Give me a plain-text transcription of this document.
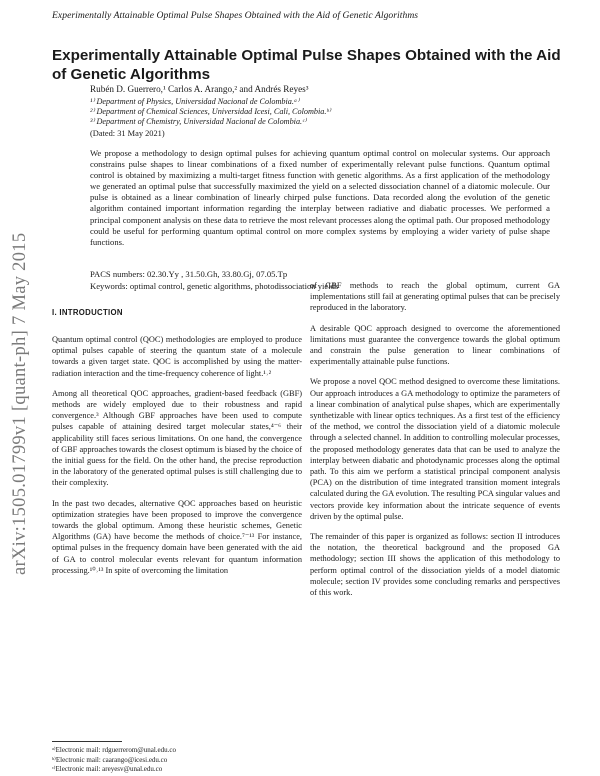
Experimentally Attainable Optimal Pulse Shapes Obtained with the Aid of Genetic Algorithms
Experimentally Attainable Optimal Pulse Shapes Obtained with the Aid of Genetic Algorithms
Rubén D. Guerrero,¹ Carlos A. Arango,² and Andrés Reyes³
¹⁾ Department of Physics, Universidad Nacional de Colombia.ᵃ⁾
²⁾ Department of Chemical Sciences, Universidad Icesi, Cali, Colombia.ᵇ⁾
³⁾ Department of Chemistry, Universidad Nacional de Colombia.ᶜ⁾
(Dated: 31 May 2021)
We propose a methodology to design optimal pulses for achieving quantum optimal control on molecular systems. Our approach constrains pulse shapes to linear combinations of a fixed number of experimentally relevant pulse functions. Quantum optimal control is obtained by maximizing a multi-target fitness function with genetic algorithms. As a first application of the methodology we generated an optimal pulse that successfully maximized the yield on a selected dissociation channel of a diatomic molecule. Our pulse is obtained as a linear combination of linearly chirped pulse functions. Data recorded along the evolution of the genetic algorithm contained important information regarding the interplay between radiative and diabatic processes. We performed a principal component analysis on these data to retrieve the most relevant processes along the optimal path. Our proposed methodology could be useful for performing quantum optimal control on more complex systems by employing a wider variety of pulse shape functions.
PACS numbers: 02.30.Yy , 31.50.Gh, 33.80.Gj, 07.05.Tp
Keywords: optimal control, genetic algorithms, photodissociation yields
arXiv:1505.01799v1 [quant-ph] 7 May 2015	I. INTRODUCTION

Quantum optimal control (QOC) methodologies are employed to produce optimal pulses capable of steering the quantum state of a molecule towards a given target state. QOC is accomplished by using the matter-radiation interaction and the time-frequency coherence of light.¹˒²

Among all theoretical QOC approaches, gradient-based feedback (GBF) methods are widely employed due to their robustness and rapid convergence.³ Although GBF approaches have been used to compute pulses capable of attaining desired target molecular states,⁴⁻⁶ their applicability still faces serious limitations. On one hand, the convergence of GBF approaches towards the closest optimum is biased by the choice of the initial guess for the field. On the other hand, the precise reproduction in the laboratory of the generated optimal pulses is still challenging due to their complexity.

In the past two decades, alternative QOC approaches based on heuristic optimization strategies have been proposed to improve the convergence towards the global optimum. Among these heuristic schemes, Genetic Algorithms (GA) have become the methods of choice.⁷⁻¹³ For instance, optimal pulses in the frequency domain have been generated with the aid of GA to control molecular events relevant for quantum information processing.¹⁰˒¹³ In spite of overcoming the limitation

of GBF methods to reach the global optimum, current GA implementations still fail at generating optimal pulses that can be precisely reproduced in the laboratory.

A desirable QOC approach designed to overcome the aforementioned limitations must guarantee the convergence towards the global optimum and constrain the pulse generation to linear combinations of experimentally attainable pulse functions.

We propose a novel QOC method designed to overcome these limitations. Our approach introduces a GA methodology to optimize the parameters of a linear combination of analytical pulse shapes, which are experimentally synthetizable with linear optics techniques. As a first test of the efficiency of the method, we control the dissociation yield of a diatomic molecule through a selected channel. In addition to controlling molecular processes, the proposed methodology generates data that can be used to analyze the interplay between diabatic and photodynamic processes along the optimal path. To this aim we perform a statistical principal component analysis (PCA) on the distribution of time integrated transition moment integrals calculated during the GA evolution. The resulting PCA singular values and vectors provide key information about the intricate sequence of events driven by the optimal pulse.

The remainder of this paper is organized as follows: section II introduces the notation, the theoretical background and the proposed GA methodology; section III shows the application of this methodology to perform optimal control of the dissociation yields of a model diatomic molecule; section IV provides some concluding remarks and perspectives of this work.

ᵃ⁾Electronic mail: rdguerrerom@unal.edu.co
ᵇ⁾Electronic mail: caarango@icesi.edu.co
ᶜ⁾Electronic mail: areyesv@unal.edu.co
